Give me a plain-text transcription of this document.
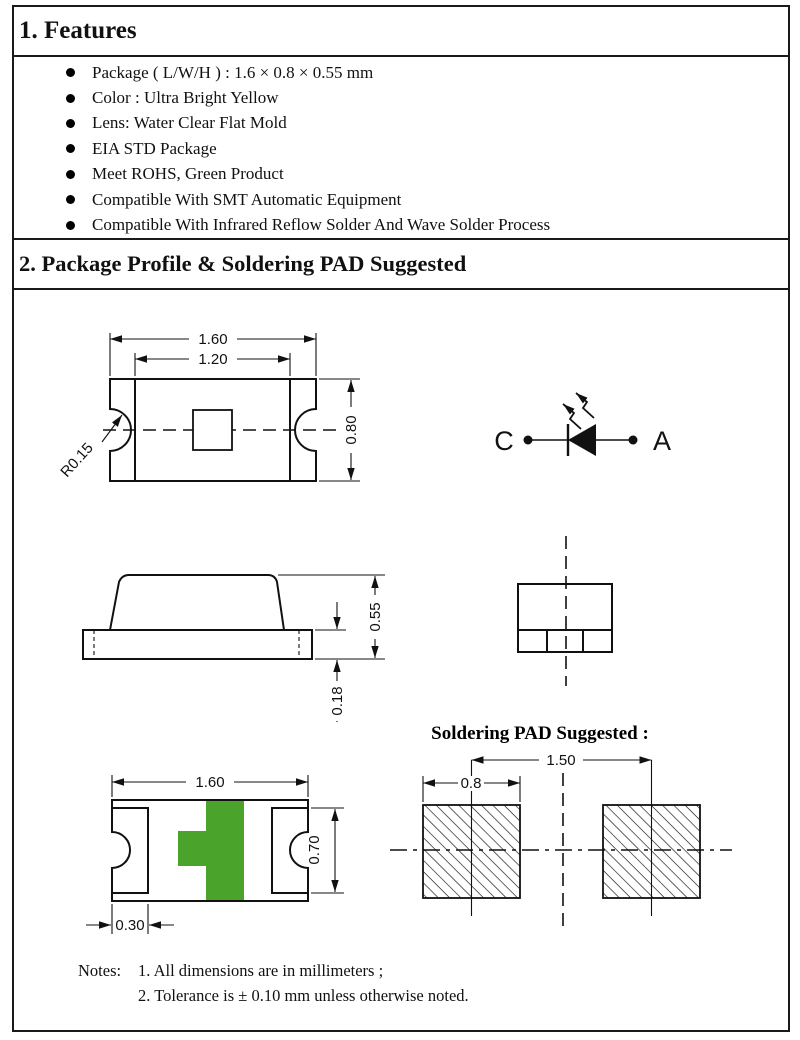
1. Features
Package ( L/W/H ) : 1.6 × 0.8 × 0.55 mm
Color : Ultra Bright Yellow
Lens: Water Clear Flat Mold
EIA STD Package
Meet ROHS, Green Product
Compatible With SMT Automatic Equipment
Compatible With Infrared Reflow Solder And Wave Solder Process
2. Package Profile & Soldering PAD Suggested
1.60
1.20
0.80
R0.15	C	A
0.55
0.18
Soldering PAD Suggested :
1.50
0.8
1.60
0.70
0.30
Notes: 1. All dimensions are in millimeters ;
2. Tolerance is ± 0.10 mm unless otherwise noted.
